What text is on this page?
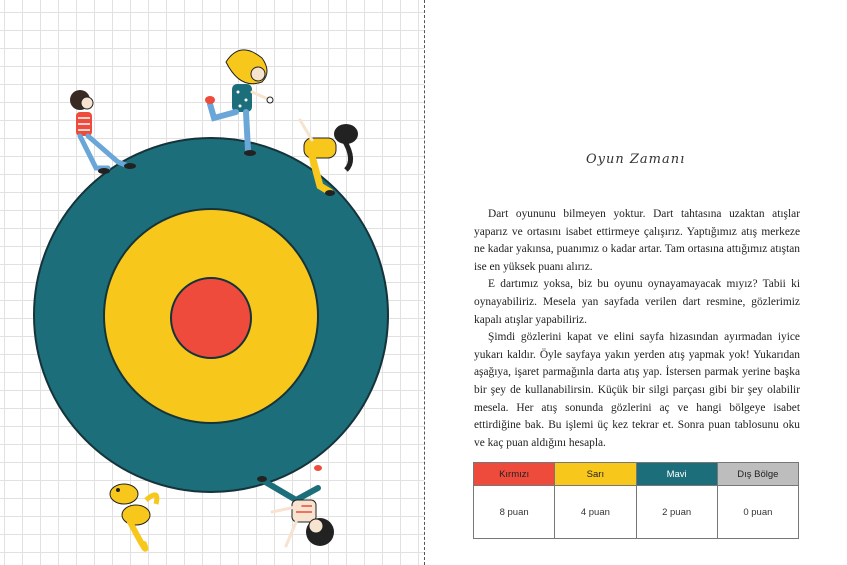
Oyun Zamanı

Dart oyununu bilmeyen yoktur. Dart tahtasına uzaktan atışlar yaparız ve ortasını isabet ettirmeye çalışırız. Yaptığımız atış merkeze ne kadar yakınsa, puanımız o kadar artar. Tam ortasına attığımız atıştan ise en yüksek puanı alırız.

E dartımız yoksa, biz bu oyunu oynayamayacak mıyız? Tabii ki oynayabiliriz. Mesela yan sayfada verilen dart resmine, gözlerimiz kapalı atışlar yapabiliriz.

Şimdi gözlerini kapat ve elini sayfa hizasından ayırmadan iyice yukarı kaldır. Öyle sayfaya yakın yerden atış yapmak yok! Yukarıdan aşağıya, işaret parmağınla darta atış yap. İstersen parmak yerine başka bir şey de kullanabilirsin. Küçük bir silgi parçası gibi bir şey olabilir mesela. Her atış sonunda gözlerini aç ve hangi bölgeye isabet ettirdiğine bak. Bu işlemi üç kez tekrar et. Sonra puan tablosunu oku ve kaç puan aldığını hesapla.

Kırmızı	Sarı	Mavi	Dış Bölge
8 puan	4 puan	2 puan	0 puan
